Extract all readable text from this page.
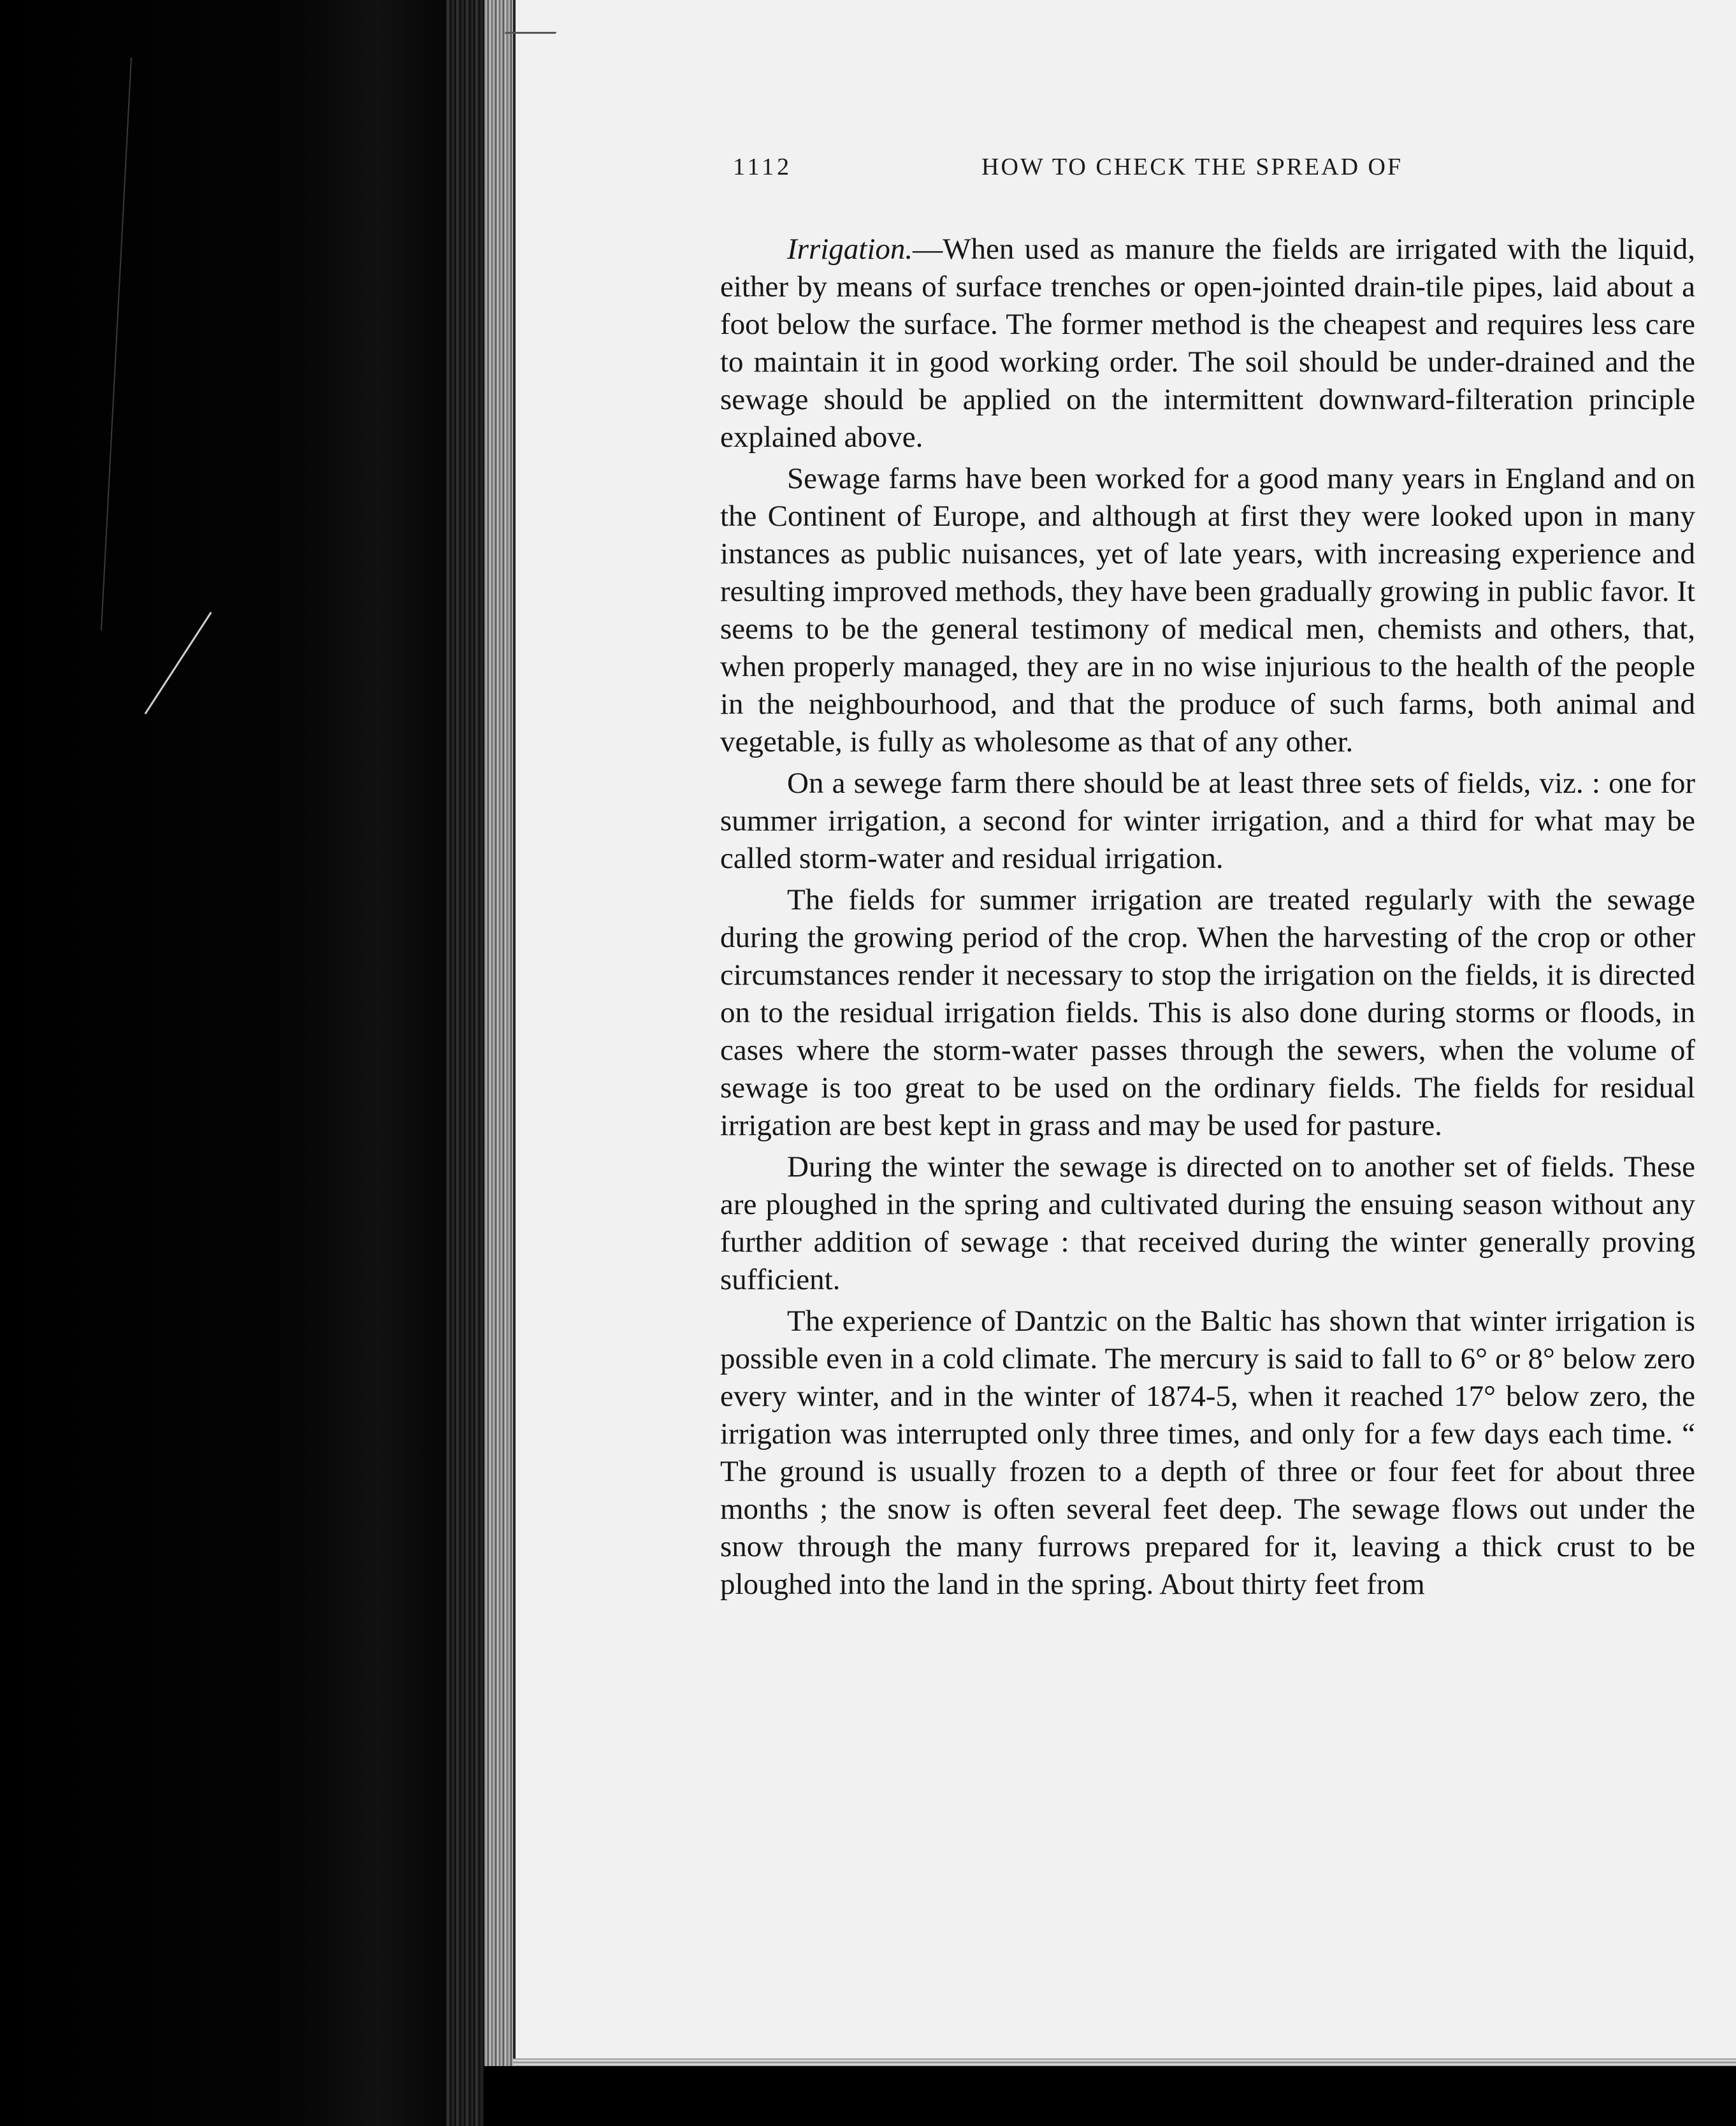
1112	HOW TO CHECK THE SPREAD OF

Irrigation.—When used as manure the fields are irrigated with the liquid, either by means of surface trenches or open-jointed drain-tile pipes, laid about a foot below the surface. The former method is the cheapest and requires less care to maintain it in good working order. The soil should be under-drained and the sewage should be applied on the intermittent downward-filteration principle explained above.

Sewage farms have been worked for a good many years in England and on the Continent of Europe, and although at first they were looked upon in many instances as public nuisances, yet of late years, with increasing experience and resulting improved methods, they have been gradually growing in public favor. It seems to be the general testimony of medical men, chemists and others, that, when properly managed, they are in no wise injurious to the health of the people in the neighbourhood, and that the produce of such farms, both animal and vegetable, is fully as wholesome as that of any other.

On a sewege farm there should be at least three sets of fields, viz. : one for summer irrigation, a second for winter irrigation, and a third for what may be called storm-water and residual irrigation.

The fields for summer irrigation are treated regularly with the sewage during the growing period of the crop. When the harvesting of the crop or other circumstances render it necessary to stop the irrigation on the fields, it is directed on to the residual irrigation fields. This is also done during storms or floods, in cases where the storm-water passes through the sewers, when the volume of sewage is too great to be used on the ordinary fields. The fields for residual irrigation are best kept in grass and may be used for pasture.

During the winter the sewage is directed on to another set of fields. These are ploughed in the spring and cultivated during the ensuing season without any further addition of sewage : that received during the winter generally proving sufficient.

The experience of Dantzic on the Baltic has shown that winter irrigation is possible even in a cold climate. The mercury is said to fall to 6° or 8° below zero every winter, and in the winter of 1874-5, when it reached 17° below zero, the irrigation was interrupted only three times, and only for a few days each time. “ The ground is usually frozen to a depth of three or four feet for about three months ; the snow is often several feet deep. The sewage flows out under the snow through the many furrows prepared for it, leaving a thick crust to be ploughed into the land in the spring. About thirty feet from
